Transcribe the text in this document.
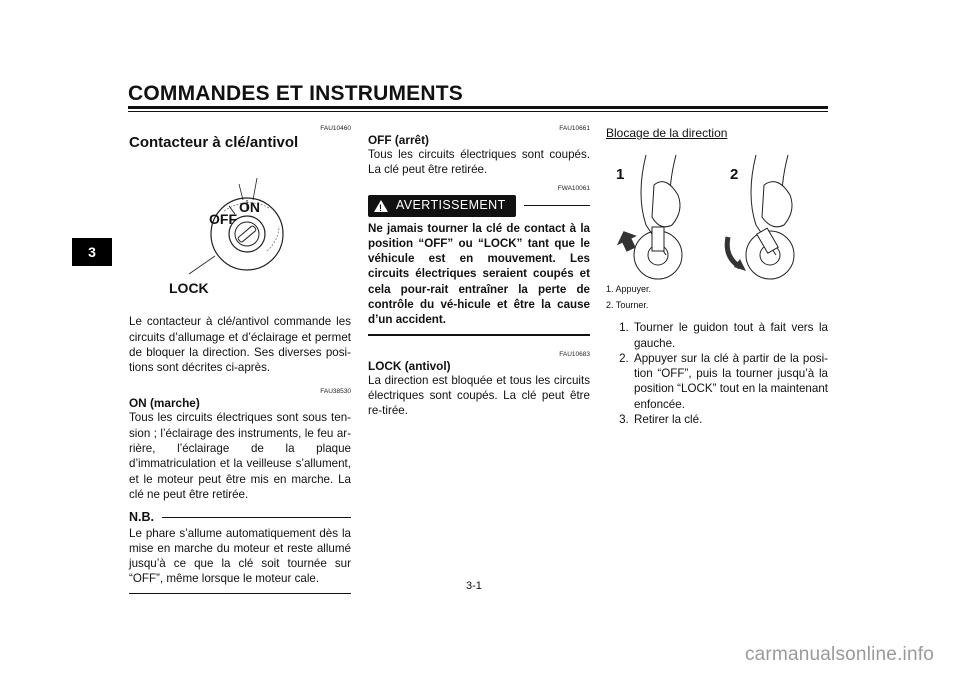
COMMANDES ET INSTRUMENTS
3
FAU10460
Contacteur à clé/antivol
ON
OFF
LOCK

Le contacteur à clé/antivol commande les circuits d’allumage et d’éclairage et permet de bloquer la direction. Ses diverses posi-tions sont décrites ci-après.

FAU38530
ON (marche)

Tous les circuits électriques sont sous ten-sion ; l’éclairage des instruments, le feu ar-rière, l’éclairage de la plaque d’immatriculation et la veilleuse s’allument, et le moteur peut être mis en marche. La clé ne peut être retirée.

N.B.

Le phare s’allume automatiquement dès la mise en marche du moteur et reste allumé jusqu’à ce que la clé soit tournée sur “OFF”, même lorsque le moteur cale.

FAU10661
OFF (arrêt)

Tous les circuits électriques sont coupés. La clé peut être retirée.

FWA10061
! AVERTISSEMENT
Ne jamais tourner la clé de contact à la position “OFF” ou “LOCK” tant que le véhicule est en mouvement. Les circuits électriques seraient coupés et cela pour-rait entraîner la perte de contrôle du vé-hicule et être la cause d’un accident.
FAU10683
LOCK (antivol)

La direction est bloquée et tous les circuits électriques sont coupés. La clé peut être re-tirée.

Blocage de la direction
1	2
1. Appuyer.
2. Tourner.
1. Tourner le guidon tout à fait vers la gauche.
2. Appuyer sur la clé à partir de la posi-tion “OFF”, puis la tourner jusqu’à la position “LOCK” tout en la maintenant enfoncée.
3. Retirer la clé.
3-1
carmanualsonline.info
